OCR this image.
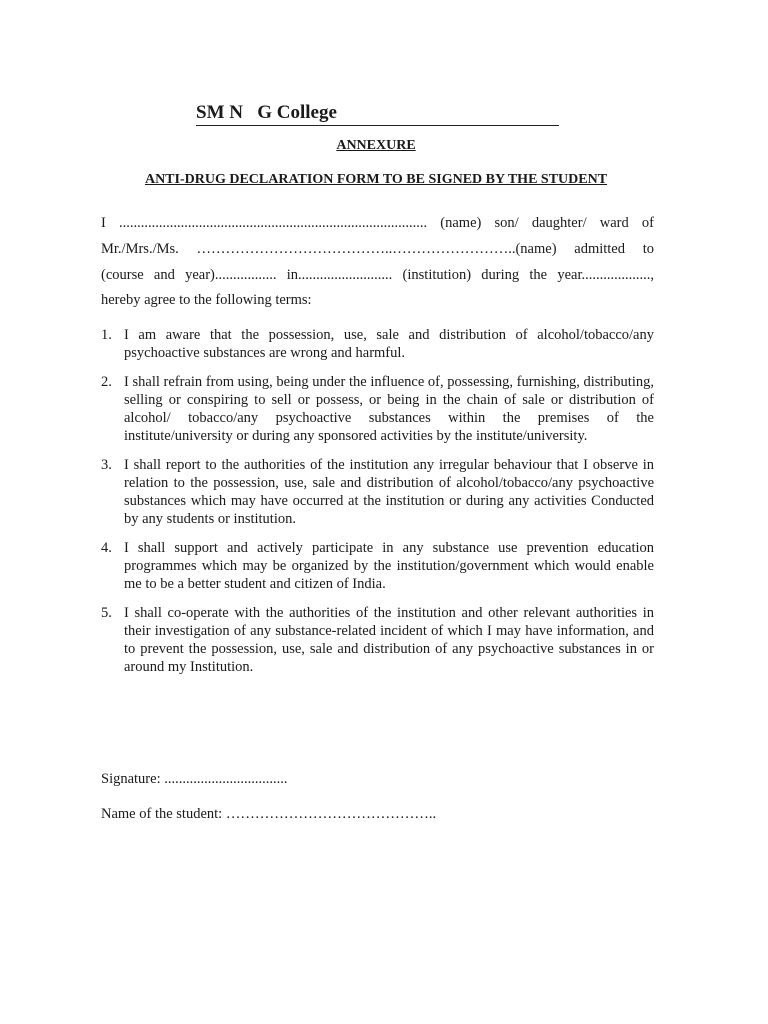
SM N   G College
ANNEXURE
ANTI-DRUG DECLARATION FORM TO BE SIGNED BY THE STUDENT
I ..................................................................................... (name) son/ daughter/ ward of
Mr./Mrs./Ms. …………………………………..……………………..(name) admitted to
(course and year)................. in.......................... (institution) during the year...................,
hereby agree to the following terms:
1. I am aware that the possession, use, sale and distribution of alcohol/tobacco/any psychoactive substances are wrong and harmful.
2. I shall refrain from using, being under the influence of, possessing, furnishing, distributing, selling or conspiring to sell or possess, or being in the chain of sale or distribution of alcohol/ tobacco/any psychoactive substances within the premises of the institute/university or during any sponsored activities by the institute/university.
3. I shall report to the authorities of the institution any irregular behaviour that I observe in relation to the possession, use, sale and distribution of alcohol/tobacco/any psychoactive substances which may have occurred at the institution or during any activities Conducted by any students or institution.
4. I shall support and actively participate in any substance use prevention education programmes which may be organized by the institution/government which would enable me to be a better student and citizen of India.
5. I shall co-operate with the authorities of the institution and other relevant authorities in their investigation of any substance-related incident of which I may have information, and to prevent the possession, use, sale and distribution of any psychoactive substances in or around my Institution.
Signature: ..................................
Name of the student: ……………………………………..
